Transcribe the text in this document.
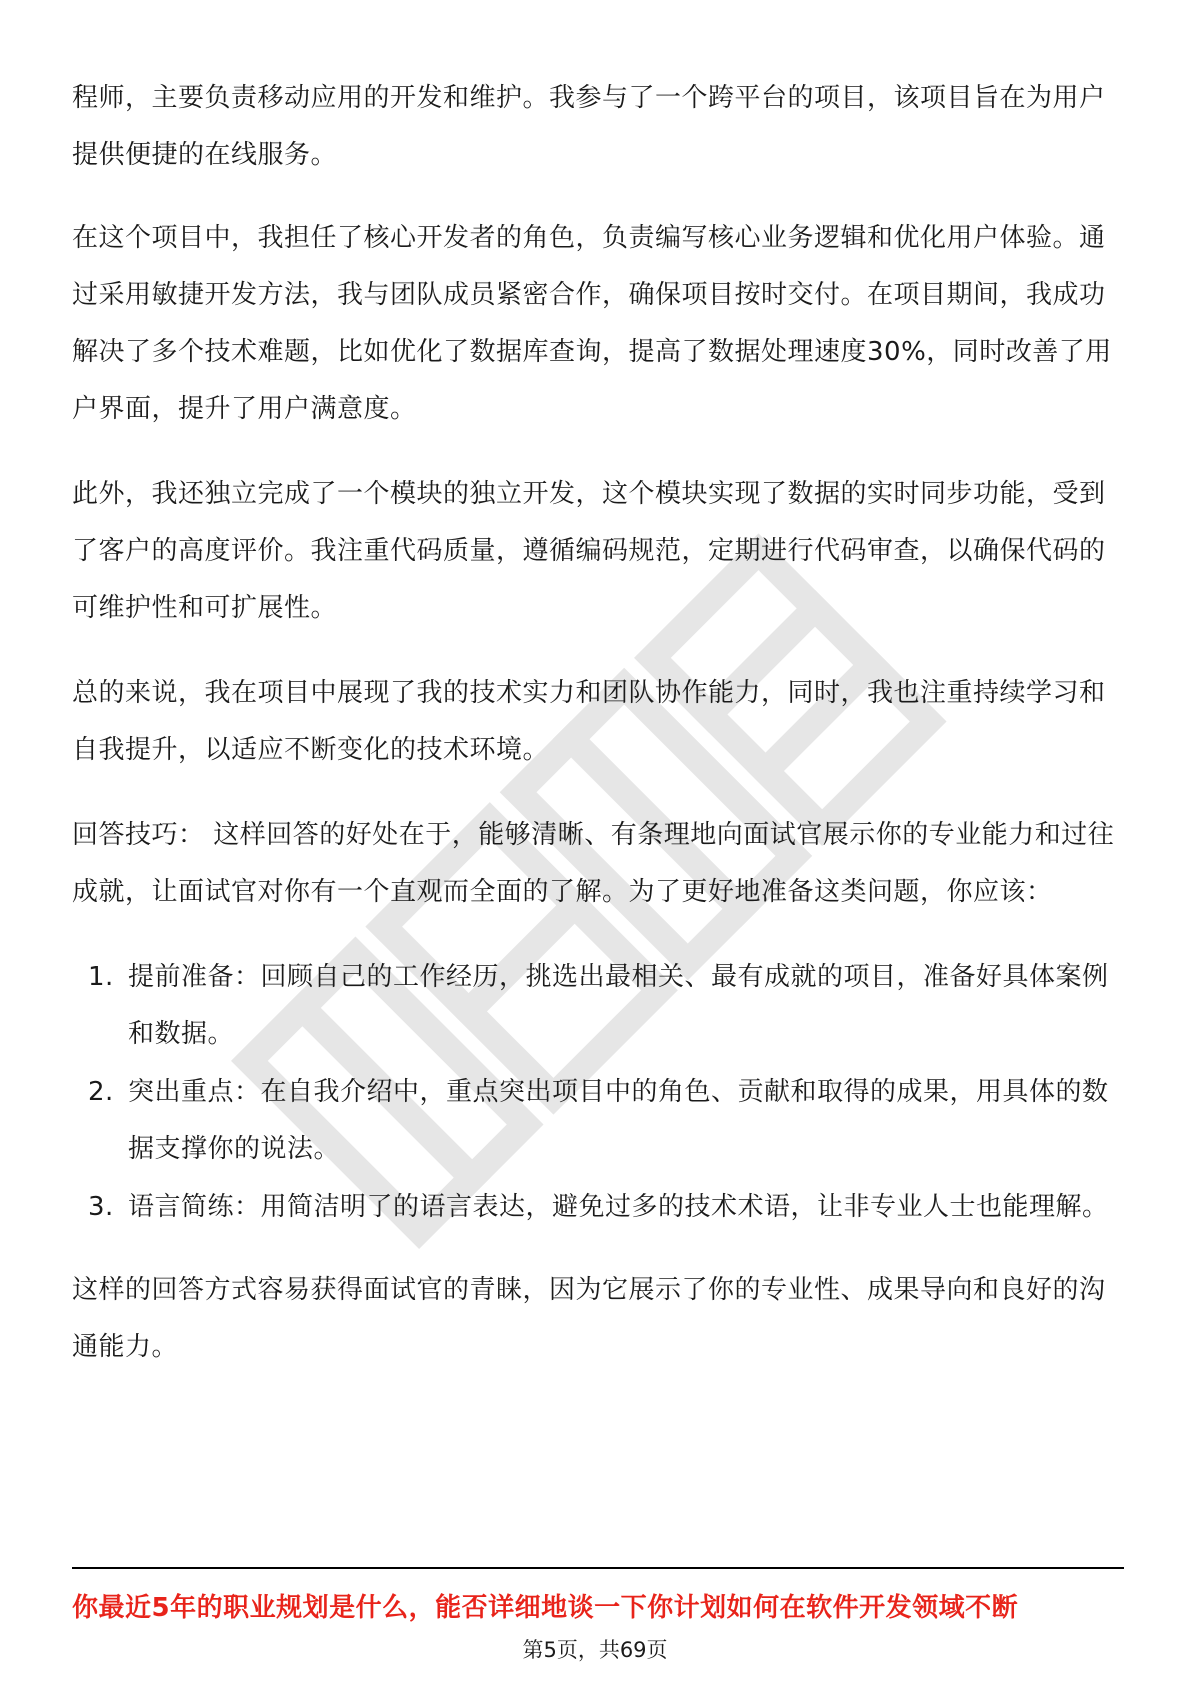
程师，主要负责移动应用的开发和维护。我参与了一个跨平台的项目，该项目旨在为用户提供便捷的在线服务。

在这个项目中，我担任了核心开发者的角色，负责编写核心业务逻辑和优化用户体验。通过采用敏捷开发方法，我与团队成员紧密合作，确保项目按时交付。在项目期间，我成功解决了多个技术难题，比如优化了数据库查询，提高了数据处理速度30%，同时改善了用户界面，提升了用户满意度。

此外，我还独立完成了一个模块的独立开发，这个模块实现了数据的实时同步功能，受到了客户的高度评价。我注重代码质量，遵循编码规范，定期进行代码审查，以确保代码的可维护性和可扩展性。

总的来说，我在项目中展现了我的技术实力和团队协作能力，同时，我也注重持续学习和自我提升，以适应不断变化的技术环境。

回答技巧： 这样回答的好处在于，能够清晰、有条理地向面试官展示你的专业能力和过往成就，让面试官对你有一个直观而全面的了解。为了更好地准备这类问题，你应该：

1. 提前准备：回顾自己的工作经历，挑选出最相关、最有成就的项目，准备好具体案例和数据。
2. 突出重点：在自我介绍中，重点突出项目中的角色、贡献和取得的成果，用具体的数据支撑你的说法。
3. 语言简练：用简洁明了的语言表达，避免过多的技术术语，让非专业人士也能理解。

这样的回答方式容易获得面试官的青睐，因为它展示了你的专业性、成果导向和良好的沟通能力。

你最近5年的职业规划是什么，能否详细地谈一下你计划如何在软件开发领域不断
第5页，共69页
